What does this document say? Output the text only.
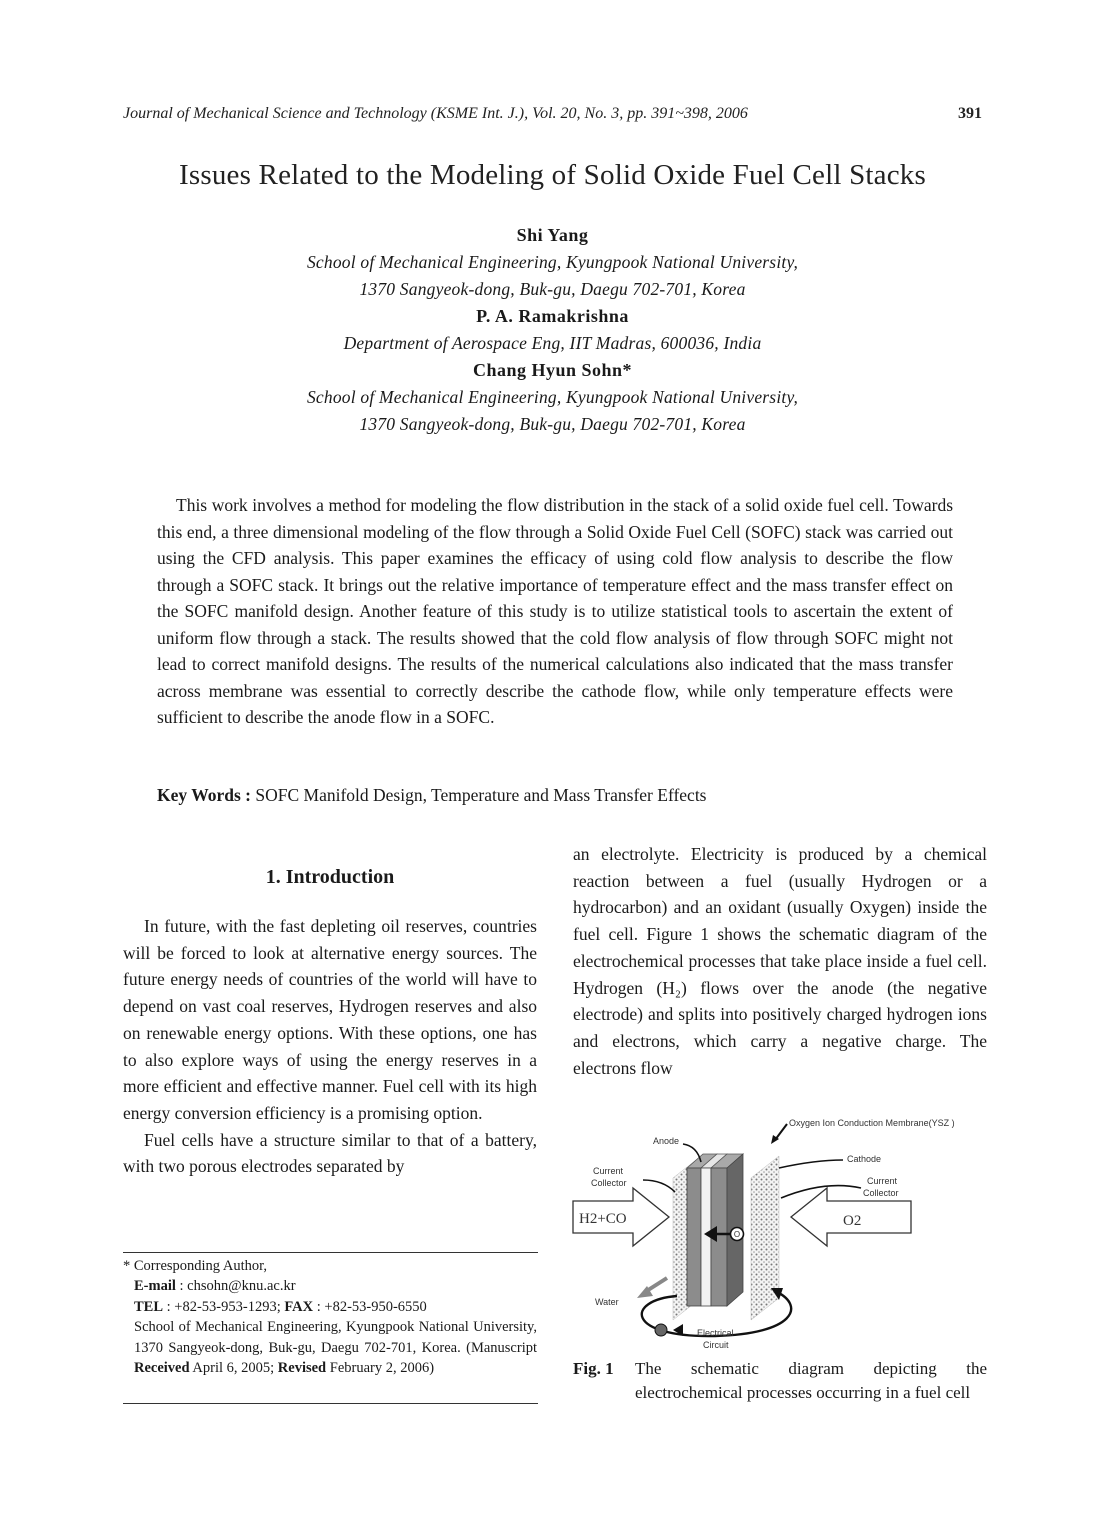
Journal of Mechanical Science and Technology (KSME Int. J.), Vol. 20, No. 3, pp. 391~398, 2006	391
Issues Related to the Modeling of Solid Oxide Fuel Cell Stacks
Shi Yang
School of Mechanical Engineering, Kyungpook National University,
1370 Sangyeok-dong, Buk-gu, Daegu 702-701, Korea
P. A. Ramakrishna
Department of Aerospace Eng, IIT Madras, 600036, India
Chang Hyun Sohn*
School of Mechanical Engineering, Kyungpook National University,
1370 Sangyeok-dong, Buk-gu, Daegu 702-701, Korea

This work involves a method for modeling the flow distribution in the stack of a solid oxide fuel cell. Towards this end, a three dimensional modeling of the flow through a Solid Oxide Fuel Cell (SOFC) stack was carried out using the CFD analysis. This paper examines the efficacy of using cold flow analysis to describe the flow through a SOFC stack. It brings out the relative importance of temperature effect and the mass transfer effect on the SOFC manifold design. Another feature of this study is to utilize statistical tools to ascertain the extent of uniform flow through a stack. The results showed that the cold flow analysis of flow through SOFC might not lead to correct manifold designs. The results of the numerical calculations also indicated that the mass transfer across membrane was essential to correctly describe the cathode flow, while only temperature effects were sufficient to describe the anode flow in a SOFC.

Key Words : SOFC Manifold Design, Temperature and Mass Transfer Effects
1. Introduction

In future, with the fast depleting oil reserves, countries will be forced to look at alternative energy sources. The future energy needs of countries of the world will have to depend on vast coal reserves, Hydrogen reserves and also on renewable energy options. With these options, one has to also explore ways of using the energy reserves in a more efficient and effective manner. Fuel cell with its high energy conversion efficiency is a promising option.

Fuel cells have a structure similar to that of a battery, with two porous electrodes separated by

* Corresponding Author,
E-mail : chsohn@knu.ac.kr
TEL : +82-53-953-1293; FAX : +82-53-950-6550
School of Mechanical Engineering, Kyungpook National University, 1370 Sangyeok-dong, Buk-gu, Daegu 702-701, Korea. (Manuscript Received April 6, 2005; Revised February 2, 2006)

an electrolyte. Electricity is produced by a chemical reaction between a fuel (usually Hydrogen or a hydrocarbon) and an oxidant (usually Oxygen) inside the fuel cell. Figure 1 shows the schematic diagram of the electrochemical processes that take place inside a fuel cell. Hydrogen (H₂) flows over the anode (the negative electrode) and splits into positively charged hydrogen ions and electrons, which carry a negative charge. The electrons flow

O
H2+CO	O2
Oxygen Ion Conduction Membrane(YSZ )
Anode
Cathode
Current
Collector	Current
Collector
Water
Electrical
Circuit
Fig. 1 The schematic diagram depicting the electrochemical processes occurring in a fuel cell
